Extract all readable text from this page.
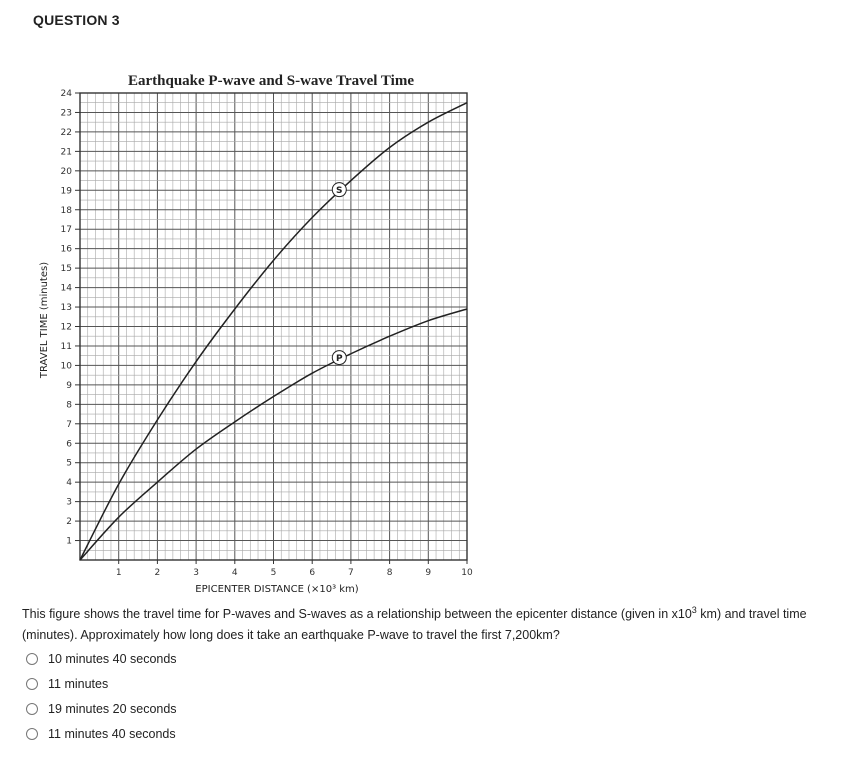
QUESTION 3
Earthquake P-wave and S-wave Travel Time
1	2	3	4	5	6	7	8	9	10
1
2
3
4
5
6
7
8
9
10
11
12
13
14
15
16
17
18
19
20
21
22
23
24
S
P
EPICENTER DISTANCE (×10³ km)
TRAVEL TIME (minutes)
This figure shows the travel time for P-waves and S-waves as a relationship between the epicenter distance (given in $x10^3$ km) and travel time (minutes). Approximately how long does it take an earthquake P-wave to travel the first 7,200km?
10 minutes 40 seconds
11 minutes
19 minutes 20 seconds
11 minutes 40 seconds
